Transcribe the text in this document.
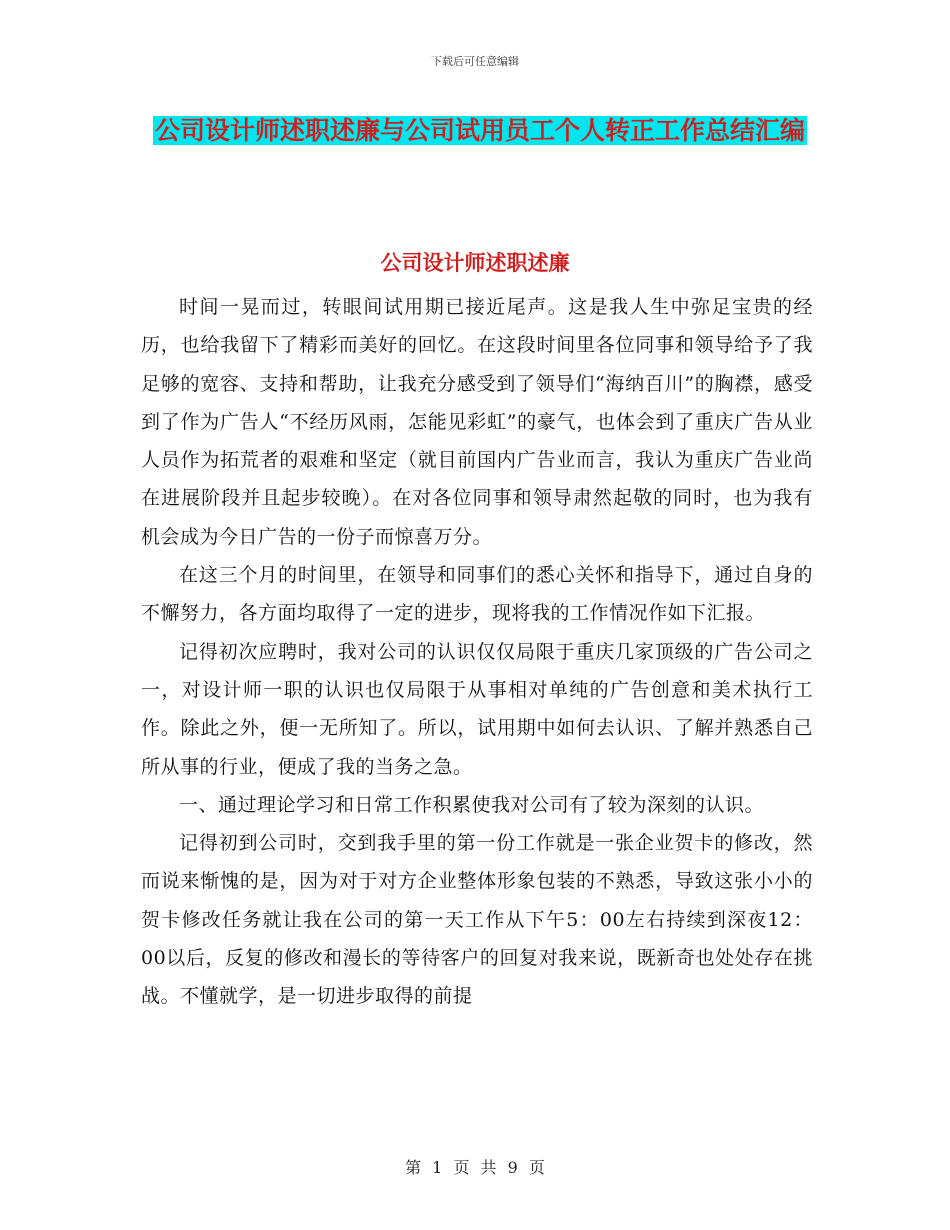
下载后可任意编辑
公司设计师述职述廉与公司试用员工个人转正工作总结汇编
公司设计师述职述廉

时间一晃而过，转眼间试用期已接近尾声。这是我人生中弥足宝贵的经历，也给我留下了精彩而美好的回忆。在这段时间里各位同事和领导给予了我足够的宽容、支持和帮助，让我充分感受到了领导们“海纳百川”的胸襟，感受到了作为广告人“不经历风雨，怎能见彩虹”的豪气，也体会到了重庆广告从业人员作为拓荒者的艰难和坚定（就目前国内广告业而言，我认为重庆广告业尚在进展阶段并且起步较晚）。在对各位同事和领导肃然起敬的同时，也为我有机会成为今日广告的一份子而惊喜万分。

在这三个月的时间里，在领导和同事们的悉心关怀和指导下，通过自身的不懈努力，各方面均取得了一定的进步，现将我的工作情况作如下汇报。

记得初次应聘时，我对公司的认识仅仅局限于重庆几家顶级的广告公司之一，对设计师一职的认识也仅局限于从事相对单纯的广告创意和美术执行工作。除此之外，便一无所知了。所以，试用期中如何去认识、了解并熟悉自己所从事的行业，便成了我的当务之急。

一、通过理论学习和日常工作积累使我对公司有了较为深刻的认识。

记得初到公司时，交到我手里的第一份工作就是一张企业贺卡的修改，然而说来惭愧的是，因为对于对方企业整体形象包装的不熟悉，导致这张小小的贺卡修改任务就让我在公司的第一天工作从下午5：00左右持续到深夜12：00以后，反复的修改和漫长的等待客户的回复对我来说，既新奇也处处存在挑战。不懂就学，是一切进步取得的前提

第 1 页 共 9 页
